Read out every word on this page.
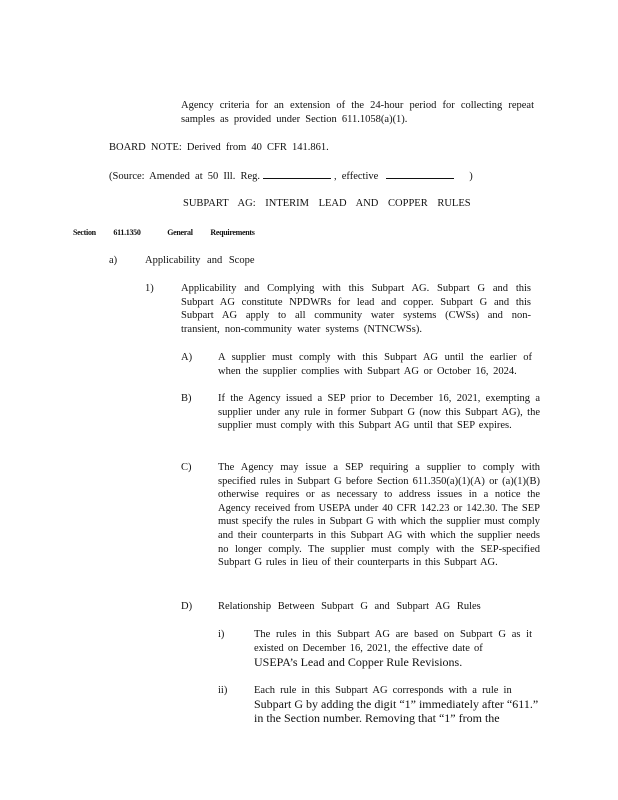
Agency criteria for an extension of the 24-hour period for collecting repeat samples as provided under Section 611.1058(a)(1).
BOARD NOTE: Derived from 40 CFR 141.861.
(Source: Amended at 50 Ill. Reg.	, effective	)
SUBPART AG: INTERIM LEAD AND COPPER RULES
Section 611.1350	General Requirements
a)	Applicability and Scope
1)	Applicability and Complying with this Subpart AG. Subpart G and this Subpart AG constitute NPDWRs for lead and copper. Subpart G and this Subpart AG apply to all community water systems (CWSs) and non-transient, non-community water systems (NTNCWSs).
A) A supplier must comply with this Subpart AG until the earlier of when the supplier complies with Subpart AG or October 16, 2024.
B)	If the Agency issued a SEP prior to December 16, 2021, exempting a supplier under any rule in former Subpart G (now this Subpart AG), the supplier must comply with this Subpart AG until that SEP expires.
C)	The Agency may issue a SEP requiring a supplier to comply with specified rules in Subpart G before Section 611.350(a)(1)(A) or (a)(1)(B) otherwise requires or as necessary to address issues in a notice the Agency received from USEPA under 40 CFR 142.23 or 142.30. The SEP must specify the rules in Subpart G with which the supplier must comply and their counterparts in this Subpart AG with which the supplier needs no longer comply. The supplier must comply with the SEP-specified Subpart G rules in lieu of their counterparts in this Subpart AG.
D) Relationship Between Subpart G and Subpart AG Rules
i)	The rules in this Subpart AG are based on Subpart G as it existed on December 16, 2021, the effective date of
USEPA’s Lead and Copper Rule Revisions.
ii)	Each rule in this Subpart AG corresponds with a rule in
Subpart G by adding the digit “1” immediately after “611.” in the Section number. Removing that “1” from the
